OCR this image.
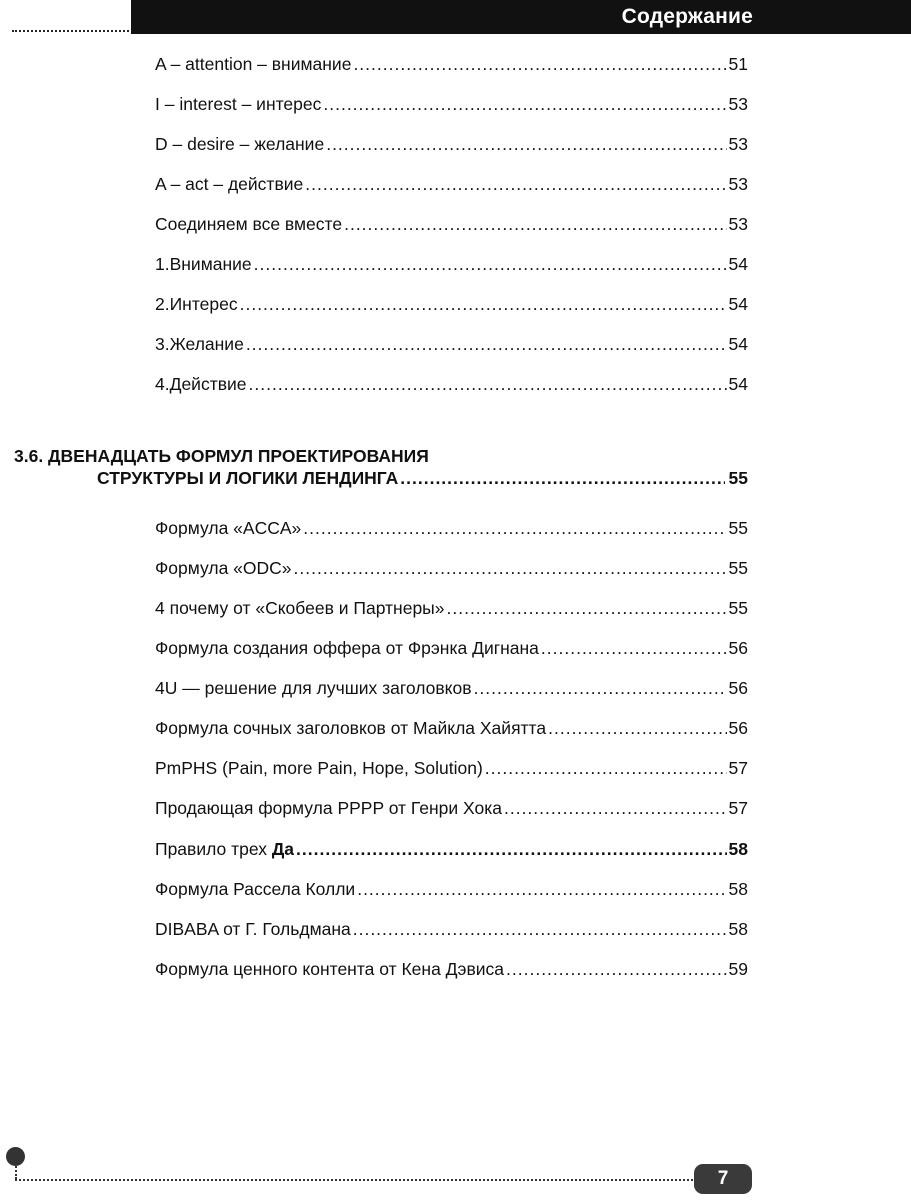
Содержание
A – attention – внимание .....	51
I – interest – интерес .....	53
D – desire – желание .....	53
A – act – действие .....	53
Соединяем все вместе .....	53
1.Внимание .....	54
2.Интерес .....	54
3.Желание .....	54
4.Действие .....	54
3.6. ДВЕНАДЦАТЬ ФОРМУЛ ПРОЕКТИРОВАНИЯ
СТРУКТУРЫ И ЛОГИКИ ЛЕНДИНГА .....	55
Формула «ACCA» .....	55
Формула «ODC» .....	55
4 почему от «Скобеев и Партнеры» .....	55
Формула создания оффера от Фрэнка Дигнана .....	56
4U — решение для лучших заголовков .....	56
Формула сочных заголовков от Майкла Хайятта .....	56
PmPHS (Pain, more Pain, Hope, Solution) .....	57
Продающая формула PPPP от Генри Хока .....	57
Правило трех Да .....	58
Формула Рассела Колли .....	58
DIBABA от Г. Гольдмана .....	58
Формула ценного контента от Кена Дэвиса .....	59
7
